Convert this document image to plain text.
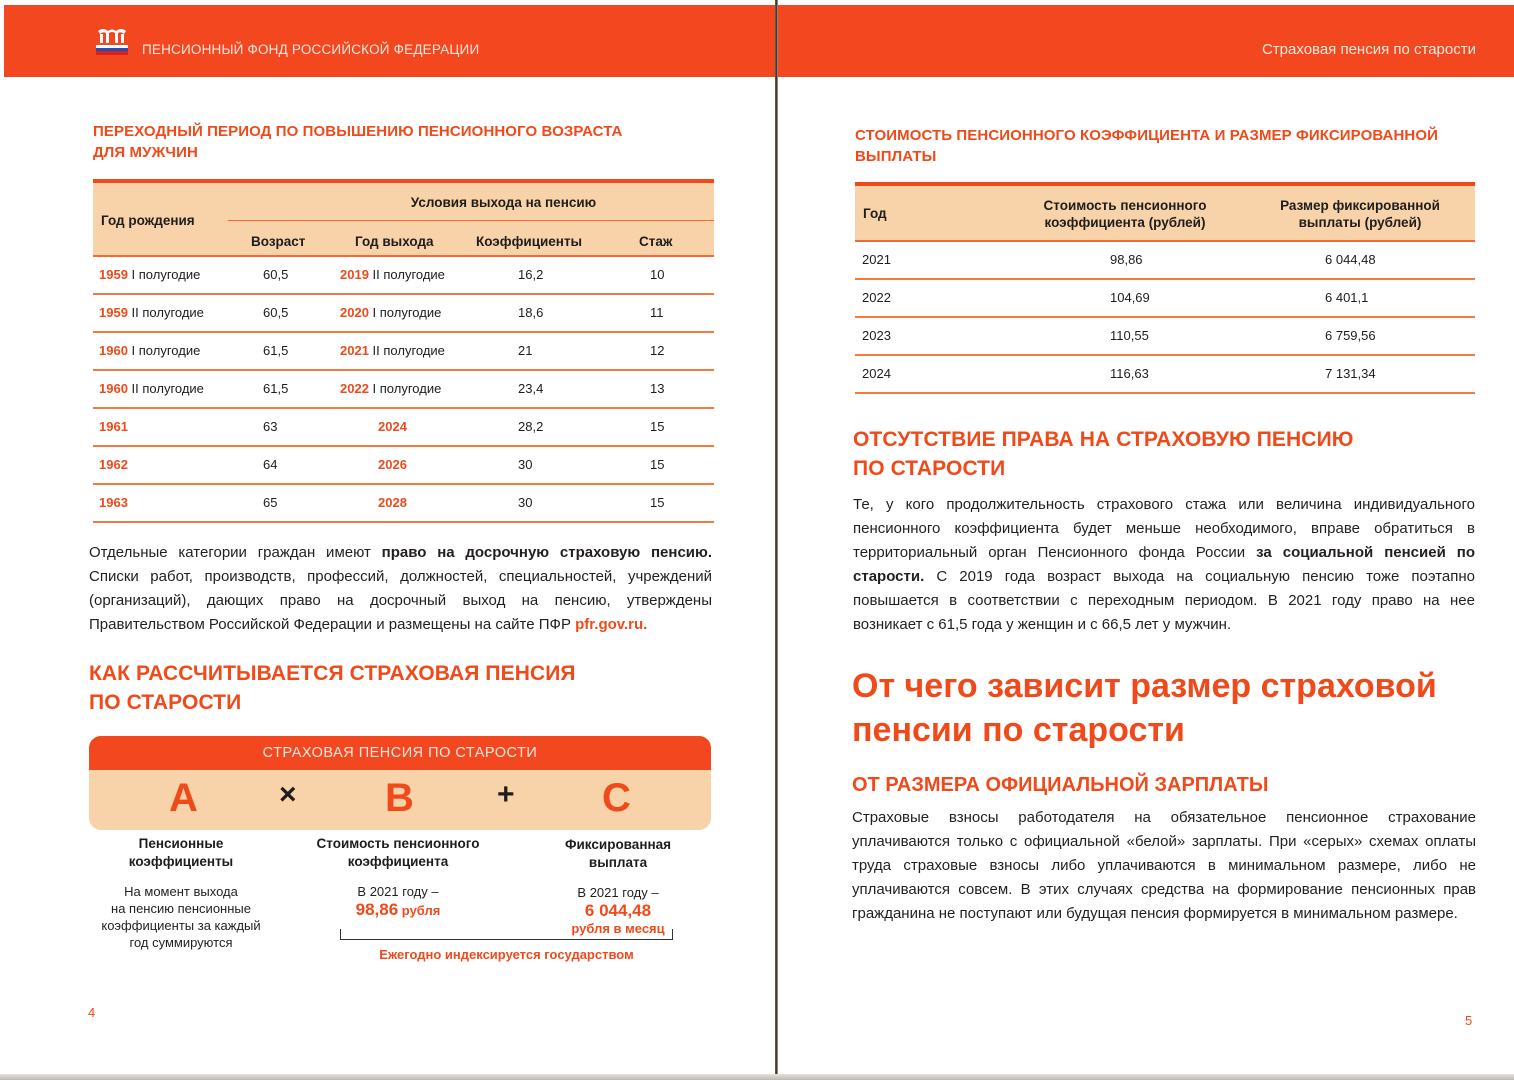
ПЕНСИОННЫЙ ФОНД РОССИЙСКОЙ ФЕДЕРАЦИИ
ПЕРЕХОДНЫЙ ПЕРИОД ПО ПОВЫШЕНИЮ ПЕНСИОННОГО ВОЗРАСТА
ДЛЯ МУЖЧИН
Год рождения
Условия выхода на пенсию
Возраст	Год выхода	Коэффициенты	Стаж
1959 I полугодие	60,5	2019 II полугодие	16,2	10
1959 II полугодие	60,5	2020 I полугодие	18,6	11
1960 I полугодие	61,5	2021 II полугодие	21	12
1960 II полугодие	61,5	2022 I полугодие	23,4	13
1961	63	2024	28,2	15
1962	64	2026	30	15
1963	65	2028	30	15
Отдельные категории граждан имеют право на досрочную страховую пенсию. Списки работ, производств, профессий, должностей, специальностей, учреждений (организаций), дающих право на досрочный выход на пенсию, утверждены Правительством Российской Федерации и размещены на сайте ПФР pfr.gov.ru.
КАК РАССЧИТЫВАЕТСЯ СТРАХОВАЯ ПЕНСИЯ
ПО СТАРОСТИ
СТРАХОВАЯ ПЕНСИЯ ПО СТАРОСТИ
A	× B	+ C
Пенсионные
коэффициенты
На момент выхода
на пенсию пенсионные
коэффициенты за каждый
год суммируются
Стоимость пенсионного
коэффициента
В 2021 году –
98,86 рубля
Фиксированная
выплата
В 2021 году –
6 044,48
рубля в месяц
Ежегодно индексируется государством
4
Страховая пенсия по старости
СТОИМОСТЬ ПЕНСИОННОГО КОЭФФИЦИЕНТА И РАЗМЕР ФИКСИРОВАННОЙ
ВЫПЛАТЫ
Год
Стоимость пенсионного
коэффициента (рублей)
Размер фиксированной
выплаты (рублей)
2021	98,86	6 044,48
2022	104,69	6 401,1
2023	110,55	6 759,56
2024	116,63	7 131,34
ОТСУТСТВИЕ ПРАВА НА СТРАХОВУЮ ПЕНСИЮ
ПО СТАРОСТИ
Те, у кого продолжительность страхового стажа или величина индивидуального пенсионного коэффициента будет меньше необходимого, вправе обратиться в территориальный орган Пенсионного фонда России за социальной пенсией по старости. С 2019 года возраст выхода на социальную пенсию тоже поэтапно повышается в соответствии с переходным периодом. В 2021 году право на нее возникает с 61,5 года у женщин и с 66,5 лет у мужчин.
От чего зависит размер страховой
пенсии по старости
ОТ РАЗМЕРА ОФИЦИАЛЬНОЙ ЗАРПЛАТЫ
Страховые взносы работодателя на обязательное пенсионное страхование уплачиваются только с официальной «белой» зарплаты. При «серых» схемах оплаты труда страховые взносы либо уплачиваются в минимальном размере, либо не уплачиваются совсем. В этих случаях средства на формирование пенсионных прав гражданина не поступают или будущая пенсия формируется в минимальном размере.
5
